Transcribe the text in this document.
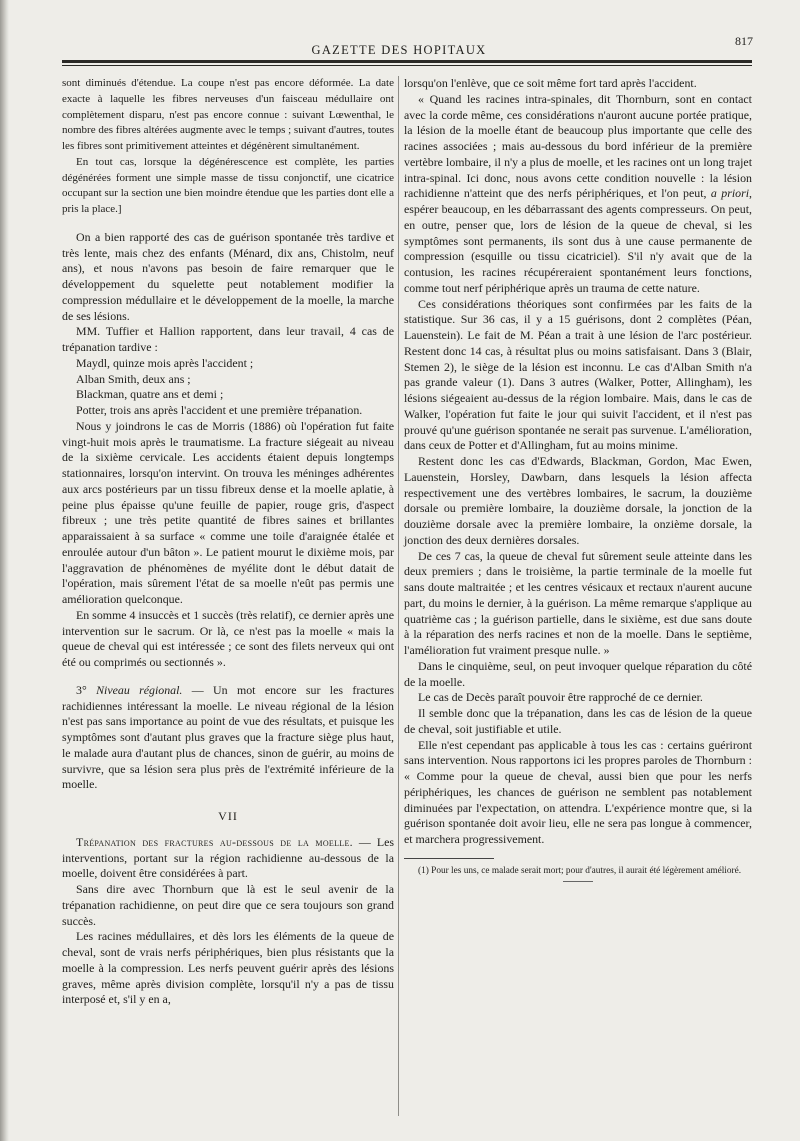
GAZETTE DES HOPITAUX
817

sont diminués d'étendue. La coupe n'est pas encore déformée. La date exacte à laquelle les fibres nerveuses d'un faisceau médullaire ont complètement disparu, n'est pas encore connue : suivant Lœwenthal, le nombre des fibres altérées augmente avec le temps ; suivant d'autres, toutes les fibres sont primitivement atteintes et dégénèrent simultanément.

En tout cas, lorsque la dégénérescence est complète, les parties dégénérées forment une simple masse de tissu conjonctif, une cicatrice occupant sur la section une bien moindre étendue que les parties dont elle a pris la place.]

On a bien rapporté des cas de guérison spontanée très tardive et très lente, mais chez des enfants (Ménard, dix ans, Chistolm, neuf ans), et nous n'avons pas besoin de faire remarquer que le développement du squelette peut notablement modifier la compression médullaire et le développement de la moelle, la marche de ses lésions.

MM. Tuffier et Hallion rapportent, dans leur travail, 4 cas de trépanation tardive :

Maydl, quinze mois après l'accident ;

Alban Smith, deux ans ;

Blackman, quatre ans et demi ;

Potter, trois ans après l'accident et une première trépanation.

Nous y joindrons le cas de Morris (1886) où l'opération fut faite vingt-huit mois après le traumatisme. La fracture siégeait au niveau de la sixième cervicale. Les accidents étaient depuis longtemps stationnaires, lorsqu'on intervint. On trouva les méninges adhérentes aux arcs postérieurs par un tissu fibreux dense et la moelle aplatie, à peine plus épaisse qu'une feuille de papier, rouge gris, d'aspect fibreux ; une très petite quantité de fibres saines et brillantes apparaissaient à sa surface « comme une toile d'araignée étalée et enroulée autour d'un bâton ». Le patient mourut le dixième mois, par l'aggravation de phénomènes de myélite dont le début datait de l'opération, mais sûrement l'état de sa moelle n'eût pas permis une amélioration quelconque.

En somme 4 insuccès et 1 succès (très relatif), ce dernier après une intervention sur le sacrum. Or là, ce n'est pas la moelle « mais la queue de cheval qui est intéressée ; ce sont des filets nerveux qui ont été ou comprimés ou sectionnés ».

3° Niveau régional. — Un mot encore sur les fractures rachidiennes intéressant la moelle. Le niveau régional de la lésion n'est pas sans importance au point de vue des résultats, et puisque les symptômes sont d'autant plus graves que la fracture siège plus haut, le malade aura d'autant plus de chances, sinon de guérir, au moins de survivre, que sa lésion sera plus près de l'extrémité inférieure de la moelle.

VII

Trépanation des fractures au-dessous de la moelle. — Les interventions, portant sur la région rachidienne au-dessous de la moelle, doivent être considérées à part.

Sans dire avec Thornburn que là est le seul avenir de la trépanation rachidienne, on peut dire que ce sera toujours son grand succès.

Les racines médullaires, et dès lors les éléments de la queue de cheval, sont de vrais nerfs périphériques, bien plus résistants que la moelle à la compression. Les nerfs peuvent guérir après des lésions graves, même après division complète, lorsqu'il n'y a pas de tissu interposé et, s'il y en a,

lorsqu'on l'enlève, que ce soit même fort tard après l'accident.

« Quand les racines intra-spinales, dit Thornburn, sont en contact avec la corde même, ces considérations n'auront aucune portée pratique, la lésion de la moelle étant de beaucoup plus importante que celle des racines associées ; mais au-dessous du bord inférieur de la première vertèbre lombaire, il n'y a plus de moelle, et les racines ont un long trajet intra-spinal. Ici donc, nous avons cette condition nouvelle : la lésion rachidienne n'atteint que des nerfs périphériques, et l'on peut, a priori, espérer beaucoup, en les débarrassant des agents compresseurs. On peut, en outre, penser que, lors de lésion de la queue de cheval, si les symptômes sont permanents, ils sont dus à une cause permanente de compression (esquille ou tissu cicatriciel). S'il n'y avait que de la contusion, les racines récupéreraient spontanément leurs fonctions, comme tout nerf périphérique après un trauma de cette nature.

Ces considérations théoriques sont confirmées par les faits de la statistique. Sur 36 cas, il y a 15 guérisons, dont 2 complètes (Péan, Lauenstein). Le fait de M. Péan a trait à une lésion de l'arc postérieur. Restent donc 14 cas, à résultat plus ou moins satisfaisant. Dans 3 (Blair, Stemen 2), le siège de la lésion est inconnu. Le cas d'Alban Smith n'a pas grande valeur (1). Dans 3 autres (Walker, Potter, Allingham), les lésions siégeaient au-dessus de la région lombaire. Mais, dans le cas de Walker, l'opération fut faite le jour qui suivit l'accident, et il n'est pas prouvé qu'une guérison spontanée ne serait pas survenue. L'amélioration, dans ceux de Potter et d'Allingham, fut au moins minime.

Restent donc les cas d'Edwards, Blackman, Gordon, Mac Ewen, Lauenstein, Horsley, Dawbarn, dans lesquels la lésion affecta respectivement une des vertèbres lombaires, le sacrum, la douzième dorsale ou première lombaire, la douzième dorsale, la jonction de la douzième dorsale avec la première lombaire, la onzième dorsale, la jonction des deux dernières dorsales.

De ces 7 cas, la queue de cheval fut sûrement seule atteinte dans les deux premiers ; dans le troisième, la partie terminale de la moelle fut sans doute maltraitée ; et les centres vésicaux et rectaux n'aurent aucune part, du moins le dernier, à la guérison. La même remarque s'applique au quatrième cas ; la guérison partielle, dans le sixième, est due sans doute à la réparation des nerfs racines et non de la moelle. Dans le septième, l'amélioration fut vraiment presque nulle. »

Dans le cinquième, seul, on peut invoquer quelque réparation du côté de la moelle.

Le cas de Decès paraît pouvoir être rapproché de ce dernier.

Il semble donc que la trépanation, dans les cas de lésion de la queue de cheval, soit justifiable et utile.

Elle n'est cependant pas applicable à tous les cas : certains guériront sans intervention. Nous rapportons ici les propres paroles de Thornburn : « Comme pour la queue de cheval, aussi bien que pour les nerfs périphériques, les chances de guérison ne semblent pas notablement diminuées par l'expectation, on attendra. L'expérience montre que, si la guérison spontanée doit avoir lieu, elle ne sera pas longue à commencer, et marchera progressivement.

(1) Pour les uns, ce malade serait mort; pour d'autres, il aurait été légèrement amélioré.
